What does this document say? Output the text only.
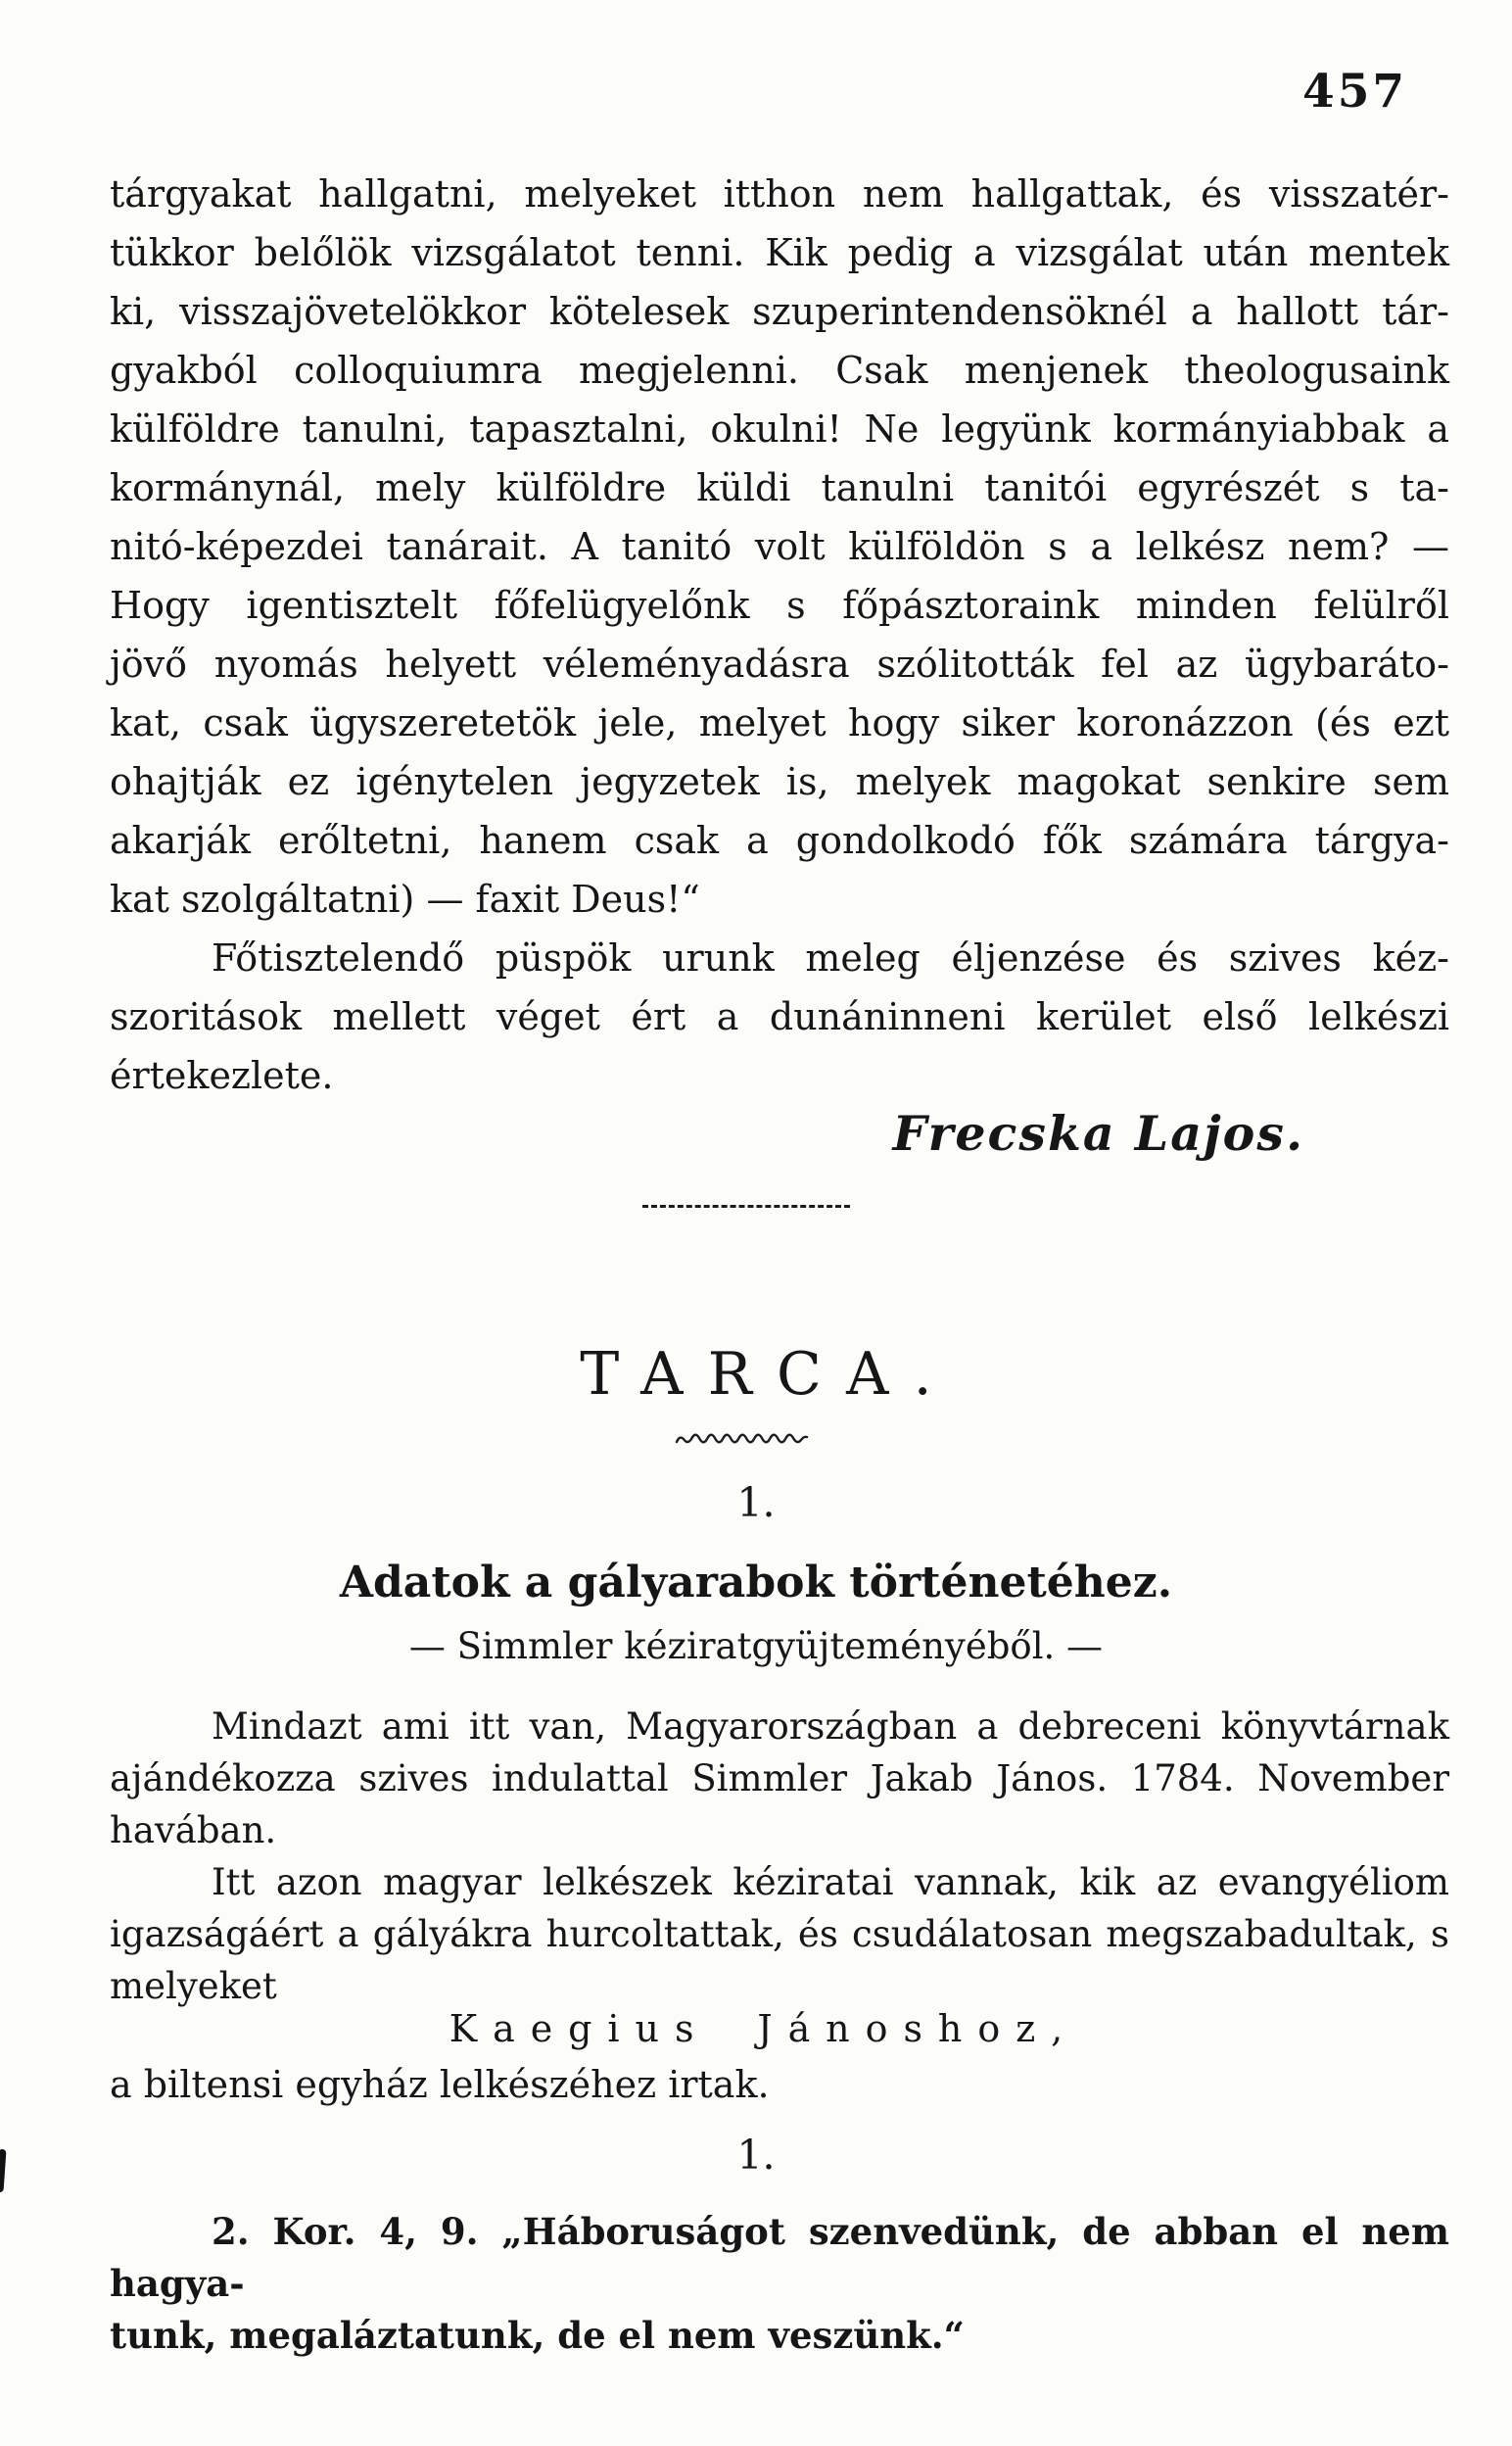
457
tárgyakat hallgatni, melyeket itthon nem hallgattak, és visszatér-
tükkor belőlök vizsgálatot tenni. Kik pedig a vizsgálat után mentek
ki, visszajövetelökkor kötelesek szuperintendensöknél a hallott tár-
gyakból colloquiumra megjelenni. Csak menjenek theologusaink
külföldre tanulni, tapasztalni, okulni! Ne legyünk kormányiabbak a
kormánynál, mely külföldre küldi tanulni tanitói egyrészét s ta-
nitó-képezdei tanárait. A tanitó volt külföldön s a lelkész nem? —
Hogy igentisztelt főfelügyelőnk s főpásztoraink minden felülről
jövő nyomás helyett véleményadásra szólitották fel az ügybaráto-
kat, csak ügyszeretetök jele, melyet hogy siker koronázzon (és ezt
ohajtják ez igénytelen jegyzetek is, melyek magokat senkire sem
akarják erőltetni, hanem csak a gondolkodó fők számára tárgya-
kat szolgáltatni) — faxit Deus!“
Főtisztelendő püspök urunk meleg éljenzése és szives kéz-
szoritások mellett véget ért a dunáninneni kerület első lelkészi
értekezlete.
Frecska Lajos.
TARCA.
1.
Adatok a gályarabok történetéhez.
— Simmler kéziratgyüjteményéből. —
Mindazt ami itt van, Magyarországban a debreceni könyvtárnak
ajándékozza szives indulattal Simmler Jakab János. 1784. November
havában.
Itt azon magyar lelkészek kéziratai vannak, kik az evangyéliom
igazságáért a gályákra hurcoltattak, és csudálatosan megszabadultak, s
melyeket
Kaegius Jánoshoz,
a biltensi egyház lelkészéhez irtak.
1.
2. Kor. 4, 9. „Háboruságot szenvedünk, de abban el nem hagya-
tunk, megaláztatunk, de el nem veszünk.“
